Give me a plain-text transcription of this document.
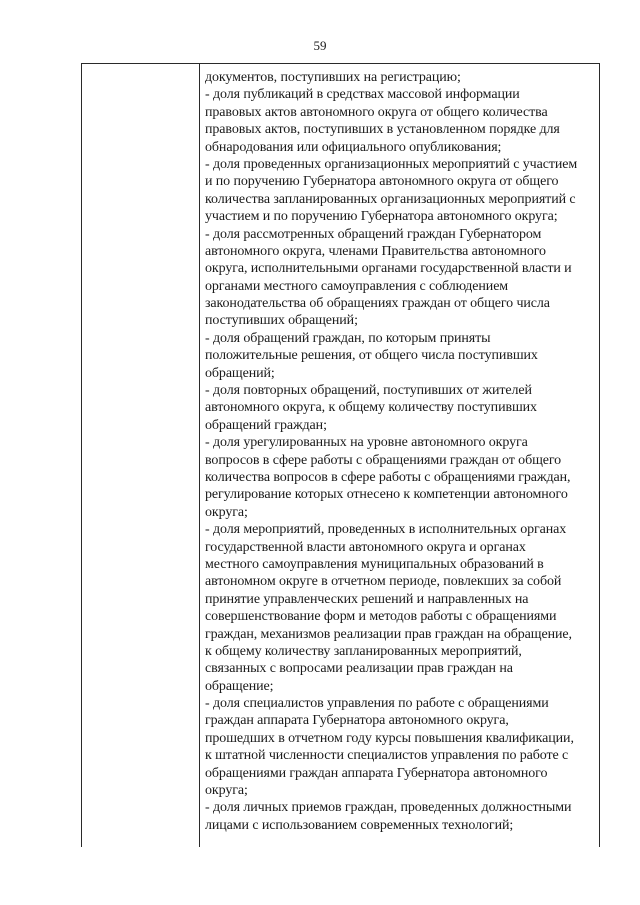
59
документов, поступивших на регистрацию;
- доля публикаций в средствах массовой информации
правовых актов автономного округа от общего количества
правовых актов, поступивших в установленном порядке для
обнародования или официального опубликования;
- доля проведенных организационных мероприятий с участием
и по поручению Губернатора автономного округа от общего
количества запланированных организационных мероприятий с
участием и по поручению Губернатора автономного округа;
- доля рассмотренных обращений граждан Губернатором
автономного округа, членами Правительства автономного
округа, исполнительными органами государственной власти и
органами местного самоуправления с соблюдением
законодательства об обращениях граждан от общего числа
поступивших обращений;
- доля обращений граждан, по которым приняты
положительные решения, от общего числа поступивших
обращений;
- доля повторных обращений, поступивших от жителей
автономного округа, к общему количеству поступивших
обращений граждан;
- доля урегулированных на уровне автономного округа
вопросов в сфере работы с обращениями граждан от общего
количества вопросов в сфере работы с обращениями граждан,
регулирование которых отнесено к компетенции автономного
округа;
- доля мероприятий, проведенных в исполнительных органах
государственной власти автономного округа и органах
местного самоуправления муниципальных образований в
автономном округе в отчетном периоде, повлекших за собой
принятие управленческих решений и направленных на
совершенствование форм и методов работы с обращениями
граждан, механизмов реализации прав граждан на обращение,
к общему количеству запланированных мероприятий,
связанных с вопросами реализации прав граждан на
обращение;
- доля специалистов управления по работе с обращениями
граждан аппарата Губернатора автономного округа,
прошедших в отчетном году курсы повышения квалификации,
к штатной численности специалистов управления по работе с
обращениями граждан аппарата Губернатора автономного
округа;
- доля личных приемов граждан, проведенных должностными
лицами с использованием современных технологий;
